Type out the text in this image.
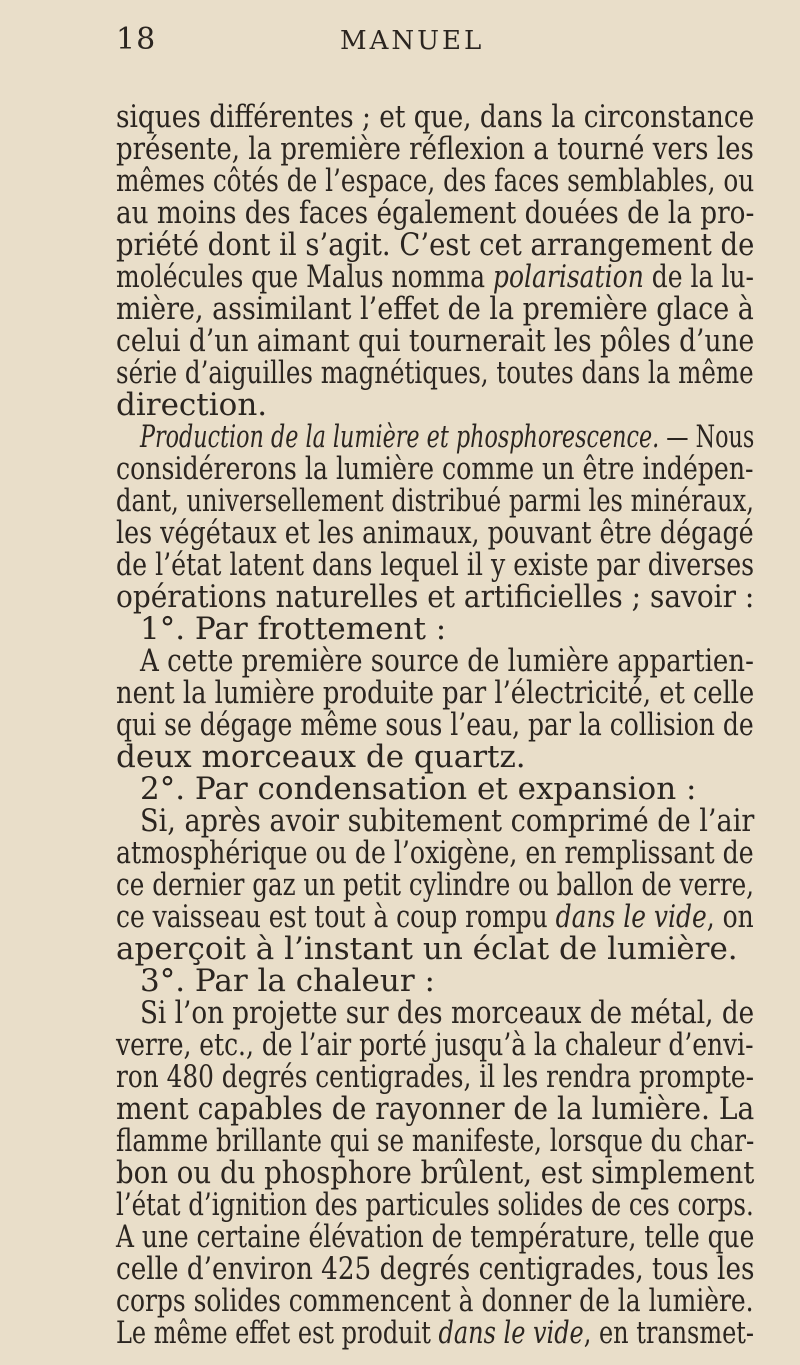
18	MANUEL
siques différentes ; et que, dans la circonstance
présente, la première réflexion a tourné vers les
mêmes côtés de l’espace, des faces semblables, ou
au moins des faces également douées de la pro-
priété dont il s’agit. C’est cet arrangement de
molécules que Malus nomma polarisation de la lu-
mière, assimilant l’effet de la première glace à
celui d’un aimant qui tournerait les pôles d’une
série d’aiguilles magnétiques, toutes dans la même
direction.
Production de la lumière et phosphorescence. — Nous
considérerons la lumière comme un être indépen-
dant, universellement distribué parmi les minéraux,
les végétaux et les animaux, pouvant être dégagé
de l’état latent dans lequel il y existe par diverses
opérations naturelles et artificielles ; savoir :
1°. Par frottement :
A cette première source de lumière appartien-
nent la lumière produite par l’électricité, et celle
qui se dégage même sous l’eau, par la collision de
deux morceaux de quartz.
2°. Par condensation et expansion :
Si, après avoir subitement comprimé de l’air
atmosphérique ou de l’oxigène, en remplissant de
ce dernier gaz un petit cylindre ou ballon de verre,
ce vaisseau est tout à coup rompu dans le vide, on
aperçoit à l’instant un éclat de lumière.
3°. Par la chaleur :
Si l’on projette sur des morceaux de métal, de
verre, etc., de l’air porté jusqu’à la chaleur d’envi-
ron 480 degrés centigrades, il les rendra prompte-
ment capables de rayonner de la lumière. La
flamme brillante qui se manifeste, lorsque du char-
bon ou du phosphore brûlent, est simplement
l’état d’ignition des particules solides de ces corps.
A une certaine élévation de température, telle que
celle d’environ 425 degrés centigrades, tous les
corps solides commencent à donner de la lumière.
Le même effet est produit dans le vide, en transmet-
